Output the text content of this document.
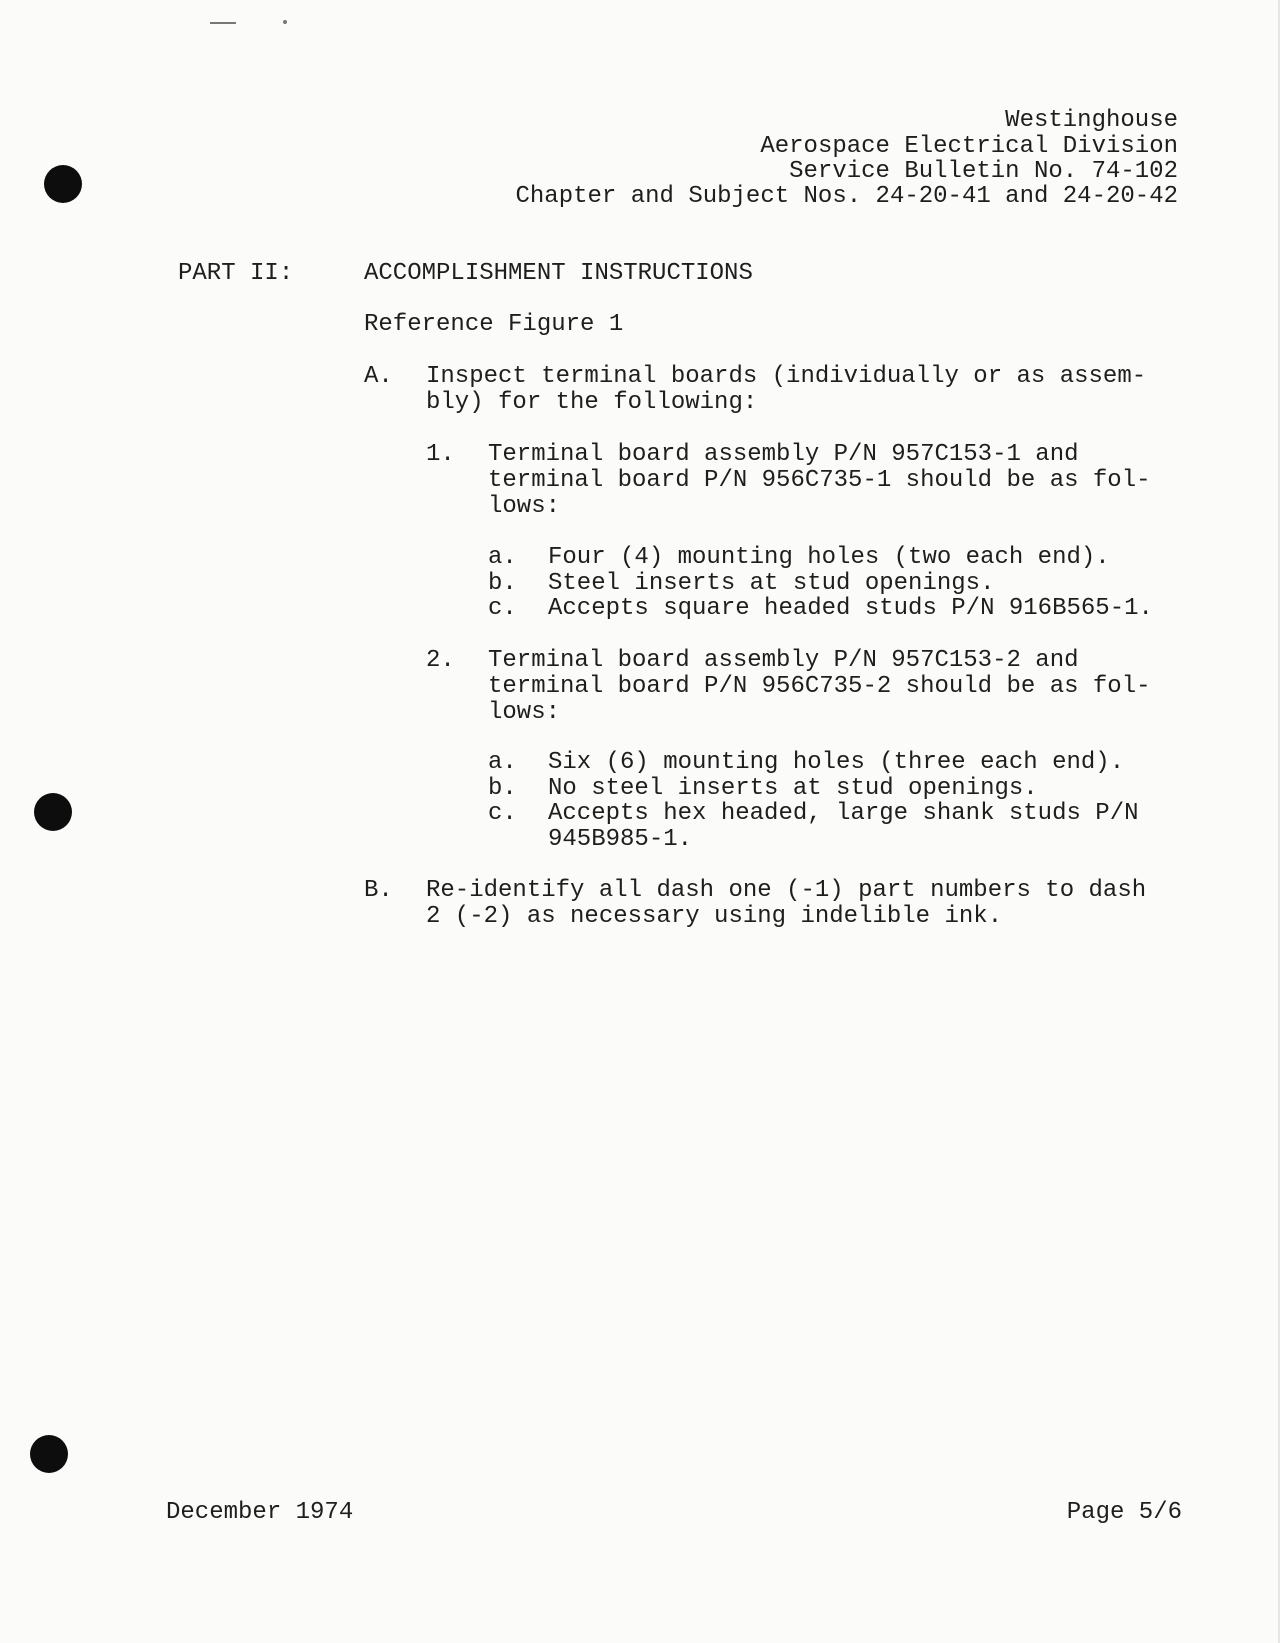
Westinghouse

Aerospace Electrical Division

Service Bulletin No. 74-102

Chapter and Subject Nos. 24-20-41 and 24-20-42

PART II:	ACCOMPLISHMENT INSTRUCTIONS

Reference Figure 1

A. Inspect terminal boards (individually or as assem-

bly) for the following:

1. Terminal board assembly P/N 957C153-1 and

terminal board P/N 956C735-1 should be as fol-

lows:

a. Four (4) mounting holes (two each end).

b. Steel inserts at stud openings.

c. Accepts square headed studs P/N 916B565-1.

2. Terminal board assembly P/N 957C153-2 and

terminal board P/N 956C735-2 should be as fol-

lows:

a. Six (6) mounting holes (three each end).

b. No steel inserts at stud openings.

c. Accepts hex headed, large shank studs P/N

945B985-1.

B. Re-identify all dash one (-1) part numbers to dash

2 (-2) as necessary using indelible ink.

December 1974	Page 5/6
